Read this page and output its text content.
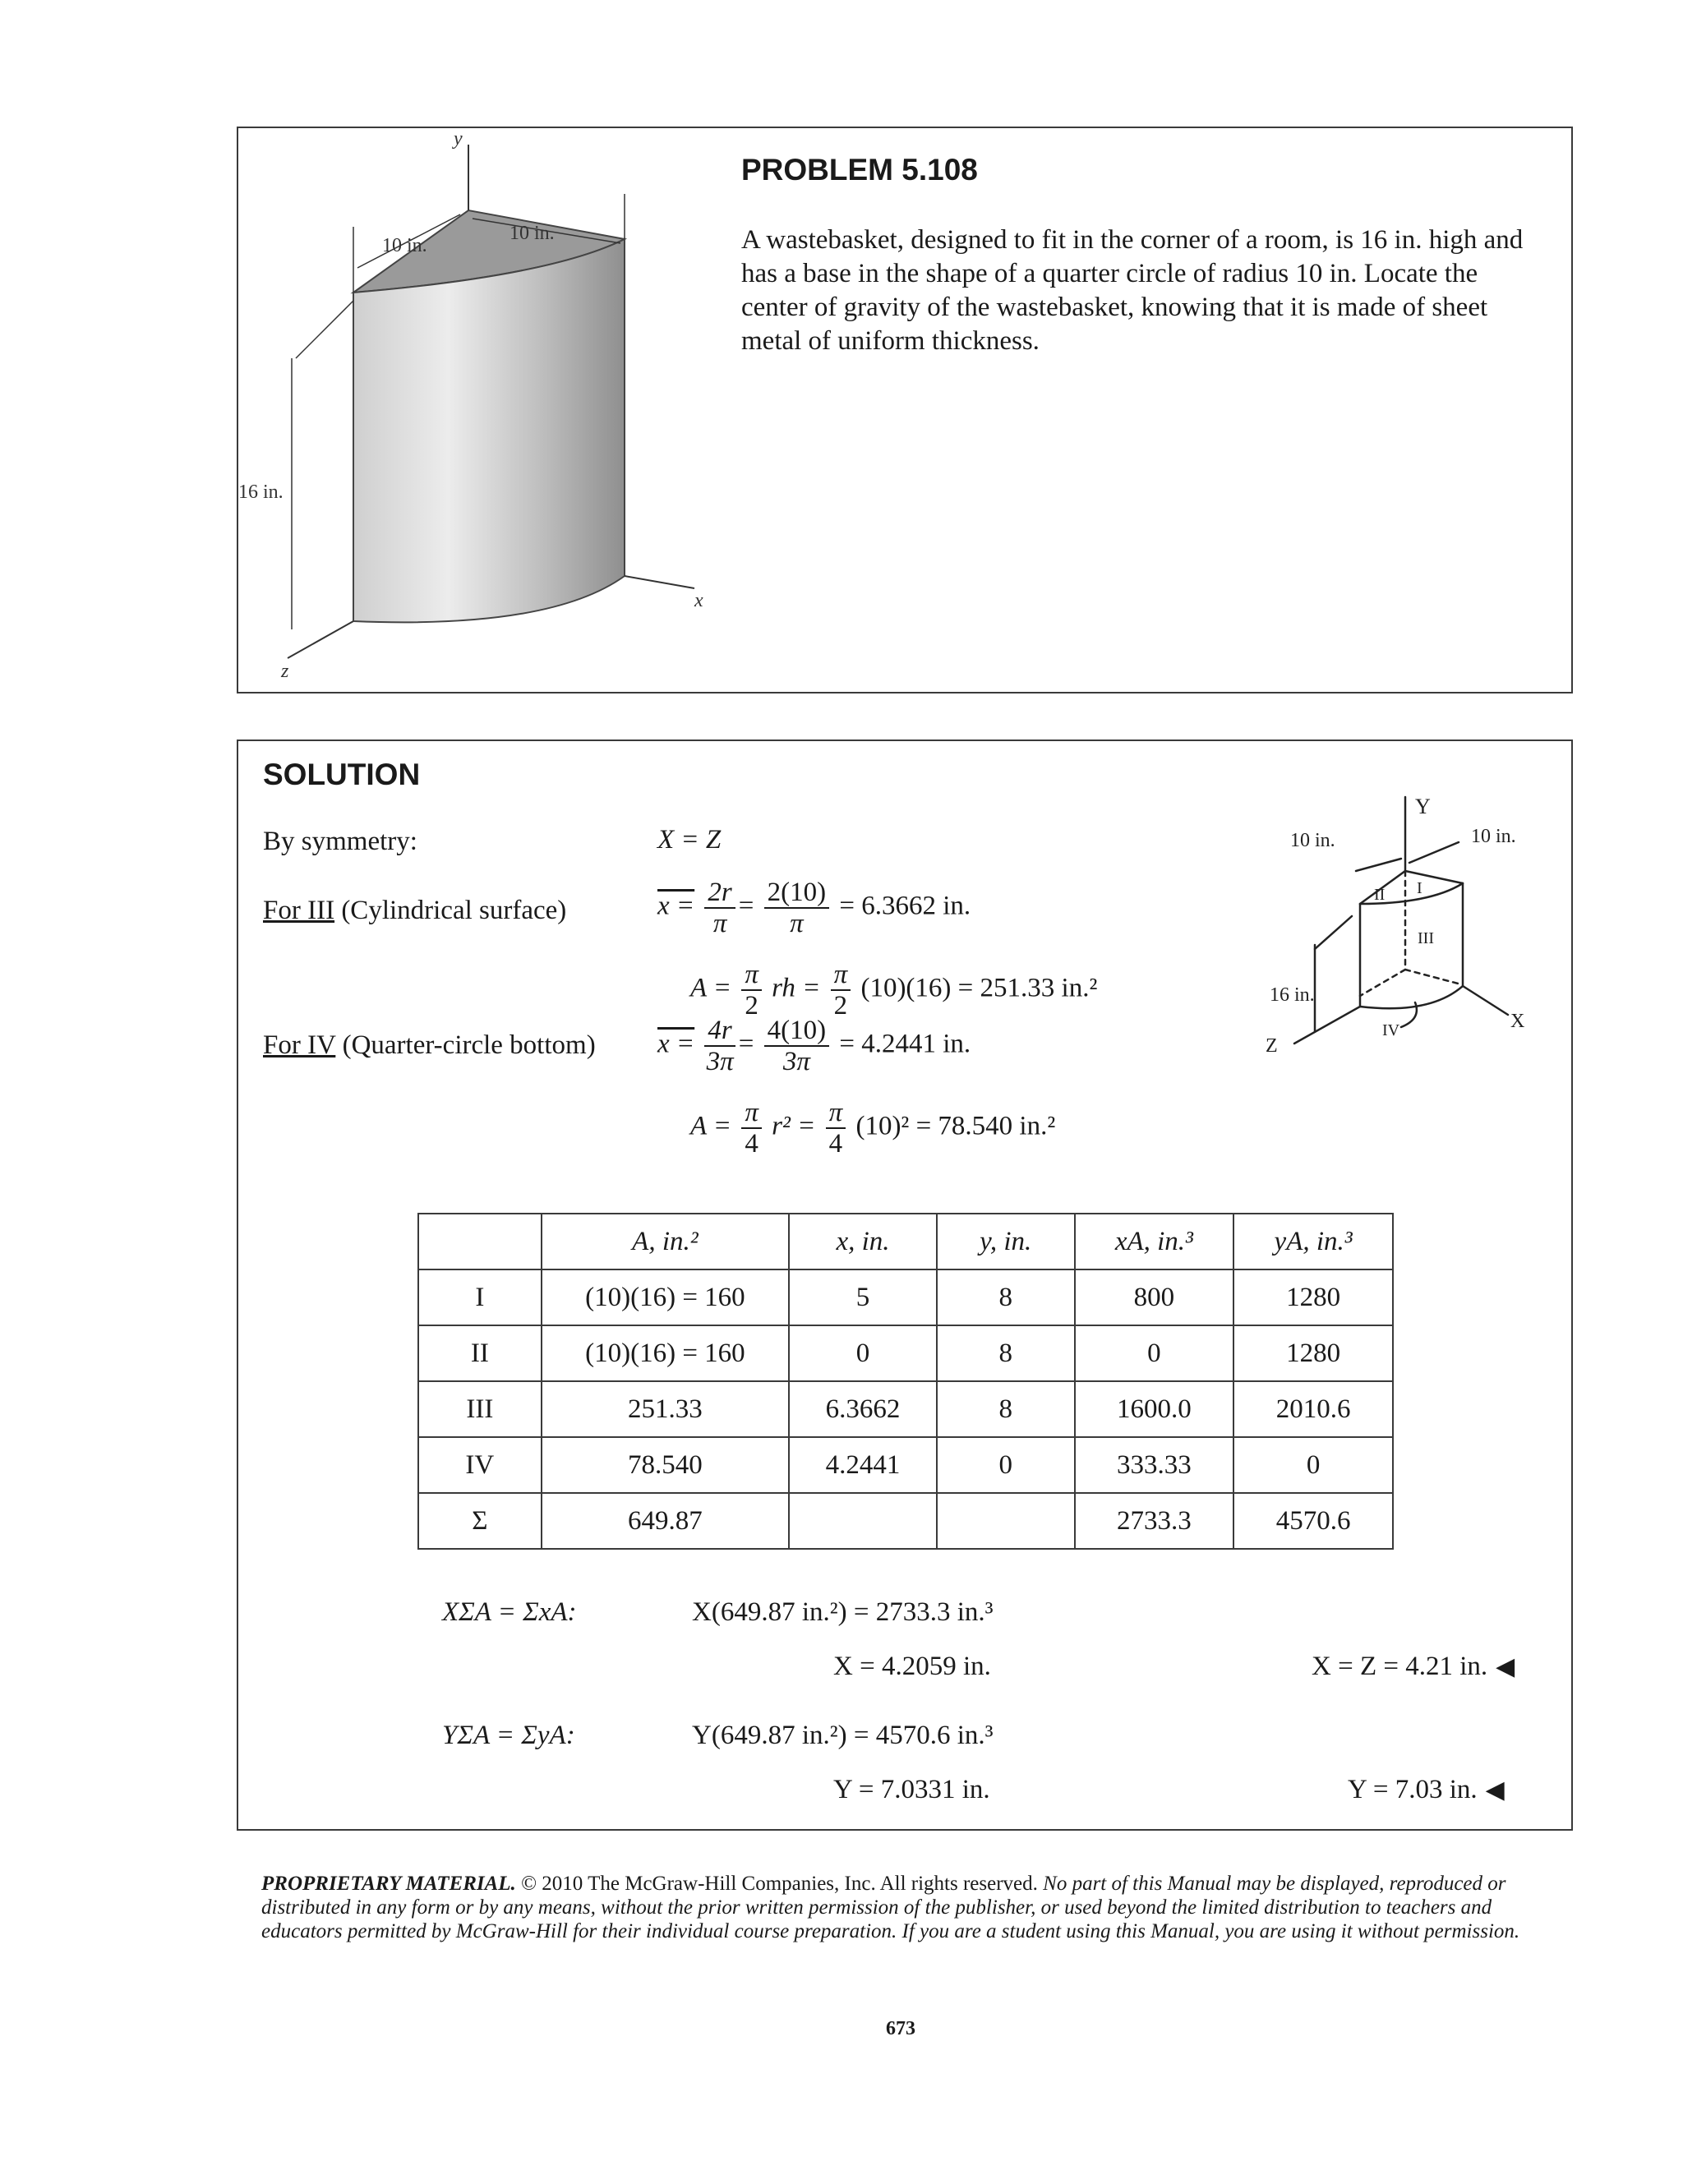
y
x
z
10 in.
10 in.
16 in.
PROBLEM 5.108
A wastebasket, designed to fit in the corner of a room, is 16 in. high and has a base in the shape of a quarter circle of radius 10 in. Locate the center of gravity of the wastebasket, knowing that it is made of sheet metal of uniform thickness.
SOLUTION
By symmetry:	X = Z
For III (Cylindrical surface)	$x = \frac{2r}{\pi} = \frac{2(10)}{\pi} = 6.3662$ in.
$A = \frac{\pi}{2}$ rh = $\frac{\pi}{2} (10)(16) = 251.33$ in.²
For IV (Quarter-circle bottom) $x = \frac{4r}{3\pi} = \frac{4(10)}{3\pi} = 4.2441$ in.
$A = \frac{\pi}{4} r^2 = \frac{\pi}{4} (10)^2 = 78.540$ in.²
Y
X
Z
10 in.	10 in.
16 in.
II I
III
IV
	A, in.²	x, in.	y, in.	xA, in.³	yA, in.³
I	(10)(16) = 160	5	8	800	1280
II	(10)(16) = 160	0	8	0	1280
III	251.33	6.3662	8	1600.0	2010.6
IV	78.540	4.2441	0	333.33	0
Σ	649.87			2733.3	4570.6
XΣA = ΣxA:	X(649.87 in.²) = 2733.3 in.³
X = 4.2059 in.	X = Z = 4.21 in. ◀
YΣA = ΣyA:	Y(649.87 in.²) = 4570.6 in.³
Y = 7.0331 in.	Y = 7.03 in. ◀
PROPRIETARY MATERIAL. © 2010 The McGraw-Hill Companies, Inc. All rights reserved. No part of this Manual may be displayed, reproduced or distributed in any form or by any means, without the prior written permission of the publisher, or used beyond the limited distribution to teachers and educators permitted by McGraw-Hill for their individual course preparation. If you are a student using this Manual, you are using it without permission.
673
